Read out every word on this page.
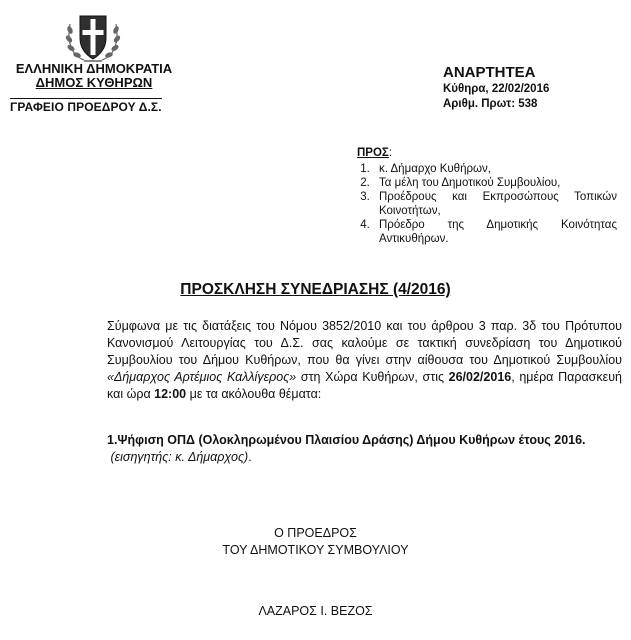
ΕΛΛΗΝΙΚΗ ΔΗΜΟΚΡΑΤΙΑ
ΔΗΜΟΣ ΚΥΘΗΡΩΝ
ΓΡΑΦΕΙΟ ΠΡΟΕΔΡΟΥ Δ.Σ.
ΑΝΑΡΤΗΤΕΑ
Κύθηρα, 22/02/2016
Αριθμ. Πρωτ: 538
ΠΡΟΣ:
1. κ. Δήμαρχο Κυθήρων,
2. Τα μέλη του Δημοτικού Συμβουλίου,
3. Προέδρους και Εκπροσώπους Τοπικών Κοινοτήτων,
4. Πρόεδρο της Δημοτικής Κοινότητας Αντικυθήρων.
ΠΡΟΣΚΛΗΣΗ ΣΥΝΕΔΡΙΑΣΗΣ (4/2016)
Σύμφωνα με τις διατάξεις του Νόμου 3852/2010 και του άρθρου 3 παρ. 3δ του Πρότυπου Κανονισμού Λειτουργίας του Δ.Σ. σας καλούμε σε τακτική συνεδρίαση του Δημοτικού Συμβουλίου του Δήμου Κυθήρων, που θα γίνει στην αίθουσα του Δημοτικού Συμβουλίου «Δήμαρχος Αρτέμιος Καλλίγερος» στη Χώρα Κυθήρων, στις 26/02/2016, ημέρα Παρασκευή και ώρα 12:00 με τα ακόλουθα θέματα:
1.Ψήφιση ΟΠΔ (Ολοκληρωμένου Πλαισίου Δράσης) Δήμου Κυθήρων έτους 2016.
(εισηγητής: κ. Δήμαρχος).
Ο ΠΡΟΕΔΡΟΣ
ΤΟΥ ΔΗΜΟΤΙΚΟΥ ΣΥΜΒΟΥΛΙΟΥ
ΛΑΖΑΡΟΣ Ι. ΒΕΖΟΣ
